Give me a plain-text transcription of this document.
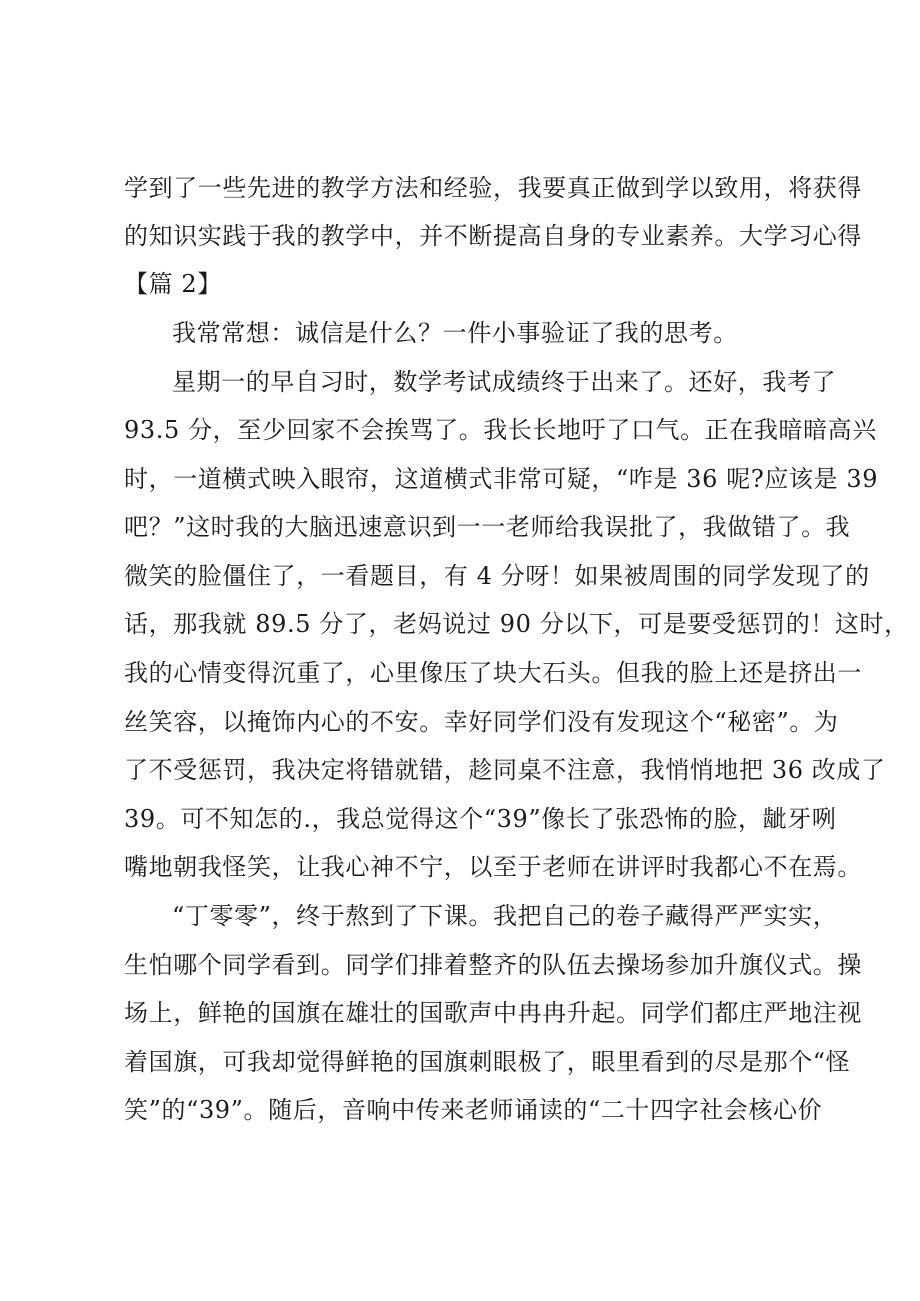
学到了一些先进的教学方法和经验，我要真正做到学以致用，将获得
的知识实践于我的教学中，并不断提高自身的专业素养。大学习心得
【篇 2】
我常常想：诚信是什么？一件小事验证了我的思考。
星期一的早自习时，数学考试成绩终于出来了。还好，我考了
93.5 分，至少回家不会挨骂了。我长长地吁了口气。正在我暗暗高兴
时，一道横式映入眼帘，这道横式非常可疑，“咋是 36 呢?应该是 39
吧？”这时我的大脑迅速意识到一一老师给我误批了，我做错了。我
微笑的脸僵住了，一看题目，有 4 分呀！如果被周围的同学发现了的
话，那我就 89.5 分了，老妈说过 90 分以下，可是要受惩罚的！这时，
我的心情变得沉重了，心里像压了块大石头。但我的脸上还是挤出一
丝笑容，以掩饰内心的不安。幸好同学们没有发现这个“秘密”。为
了不受惩罚，我决定将错就错，趁同桌不注意，我悄悄地把 36 改成了
39。可不知怎的.，我总觉得这个“39”像长了张恐怖的脸，龇牙咧
嘴地朝我怪笑，让我心神不宁，以至于老师在讲评时我都心不在焉。
“丁零零”，终于熬到了下课。我把自己的卷子藏得严严实实，
生怕哪个同学看到。同学们排着整齐的队伍去操场参加升旗仪式。操
场上，鲜艳的国旗在雄壮的国歌声中冉冉升起。同学们都庄严地注视
着国旗，可我却觉得鲜艳的国旗刺眼极了，眼里看到的尽是那个“怪
笑”的“39”。随后，音响中传来老师诵读的“二十四字社会核心价
